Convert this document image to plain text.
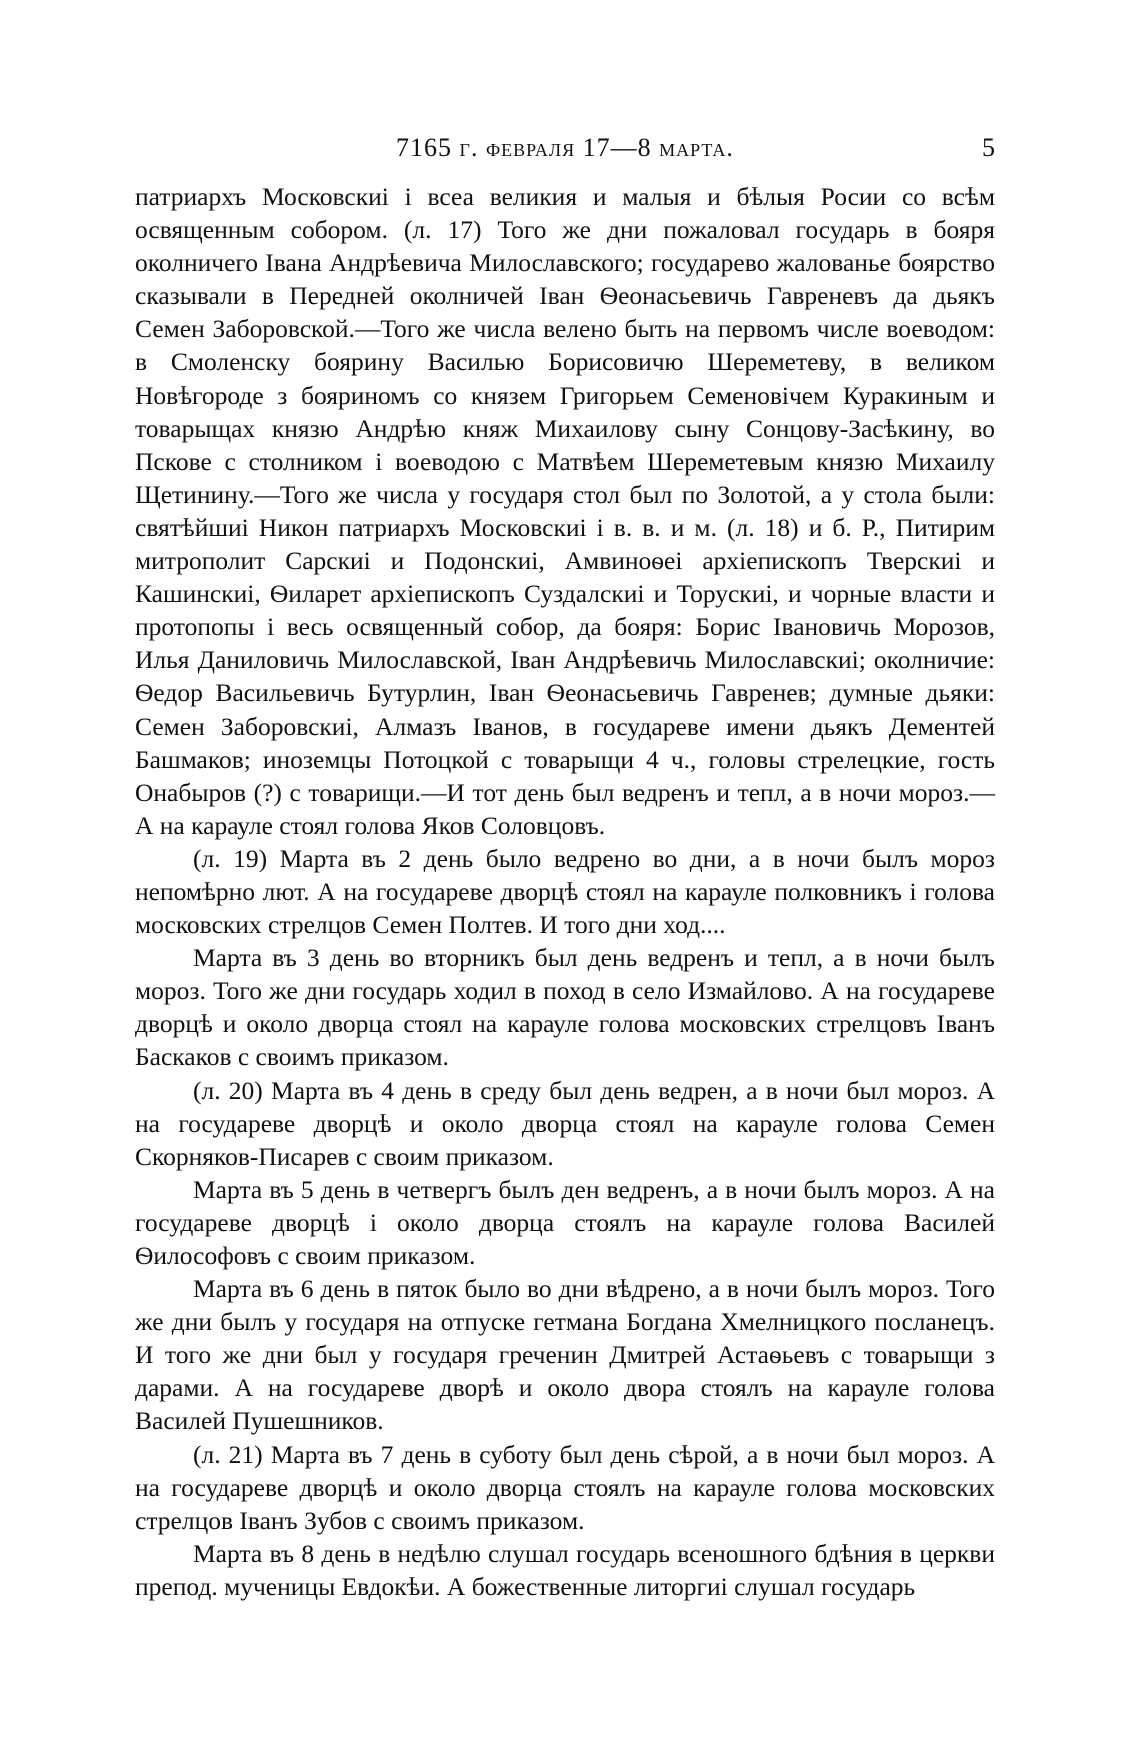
7165 г. февраля 17—8 марта.	5

патриархъ Московскиі і всеа великия и малыя и бѣлыя Росии со всѣм освященным собором. (л. 17) Того же дни пожаловал государь в бояря околничего Івана Андрѣевича Милославского; государево жалованье боярство сказывали в Передней околничей Іван Ѳеонасьевичь Гавреневъ да дьякъ Семен Заборовской.—Того же числа велено быть на первомъ числе воеводом: в Смоленску боярину Василью Борисовичю Шереметеву, в великом Новѣгороде з бояриномъ со князем Григорьем Семеновічем Куракиным и товарыщах князю Андрѣю княж Михаилову сыну Сонцову-Засѣкину, во Пскове с столником і воеводою с Матвѣем Шереметевым князю Михаилу Щетинину.—Того же числа у государя стол был по Золотой, а у стола были: святѣйшиі Никон патриархъ Московскиі і в. в. и м. (л. 18) и б. Р., Питирим митрополит Сарскиі и Подонскиі, Амвиноѳеі архіепископъ Тверскиі и Кашинскиі, Ѳиларет архіепископъ Суздалскиі и Торускиі, и чорные власти и протопопы і весь освященный собор, да бояря: Борис Івановичь Морозов, Илья Даниловичь Милославской, Іван Андрѣевичь Милославскиі; околничие: Ѳедор Васильевичь Бутурлин, Іван Ѳеонасьевичь Гавренев; думные дьяки: Семен Заборовскиі, Алмазъ Іванов, в государеве имени дьякъ Дементей Башмаков; иноземцы Потоцкой с товарыщи 4 ч., головы стрелецкие, гость Онабыров (?) с товарищи.—И тот день был ведренъ и тепл, а в ночи мороз.—А на карауле стоял голова Яков Соловцовъ.

(л. 19) Марта въ 2 день было ведрено во дни, а в ночи былъ мороз непомѣрно лют. А на государеве дворцѣ стоял на карауле полковникъ і голова московских стрелцов Семен Полтев. И того дни ход....

Марта въ 3 день во вторникъ был день ведренъ и тепл, а в ночи былъ мороз. Того же дни государь ходил в поход в село Измайлово. А на государеве дворцѣ и около дворца стоял на карауле голова московских стрелцовъ Іванъ Баскаков с своимъ приказом.

(л. 20) Марта въ 4 день в среду был день ведрен, а в ночи был мороз. А на государеве дворцѣ и около дворца стоял на карауле голова Семен Скорняков-Писарев с своим приказом.

Марта въ 5 день в четвергъ былъ ден ведренъ, а в ночи былъ мороз. А на государеве дворцѣ і около дворца стоялъ на карауле голова Василей Ѳилософовъ с своим приказом.

Марта въ 6 день в пяток было во дни вѣдрено, а в ночи былъ мороз. Того же дни былъ у государя на отпуске гетмана Богдана Хмелницкого посланецъ. И того же дни был у государя греченин Дмитрей Астаѳьевъ с товарыщи з дарами. А на государеве дворѣ и около двора стоялъ на карауле голова Василей Пушешников.

(л. 21) Марта въ 7 день в суботу был день сѣрой, а в ночи был мороз. А на государеве дворцѣ и около дворца стоялъ на карауле голова московских стрелцов Іванъ Зубов с своимъ приказом.

Марта въ 8 день в недѣлю слушал государь всеношного бдѣния в церкви препод. мученицы Евдокѣи. А божественные литоргиі слушал государь
